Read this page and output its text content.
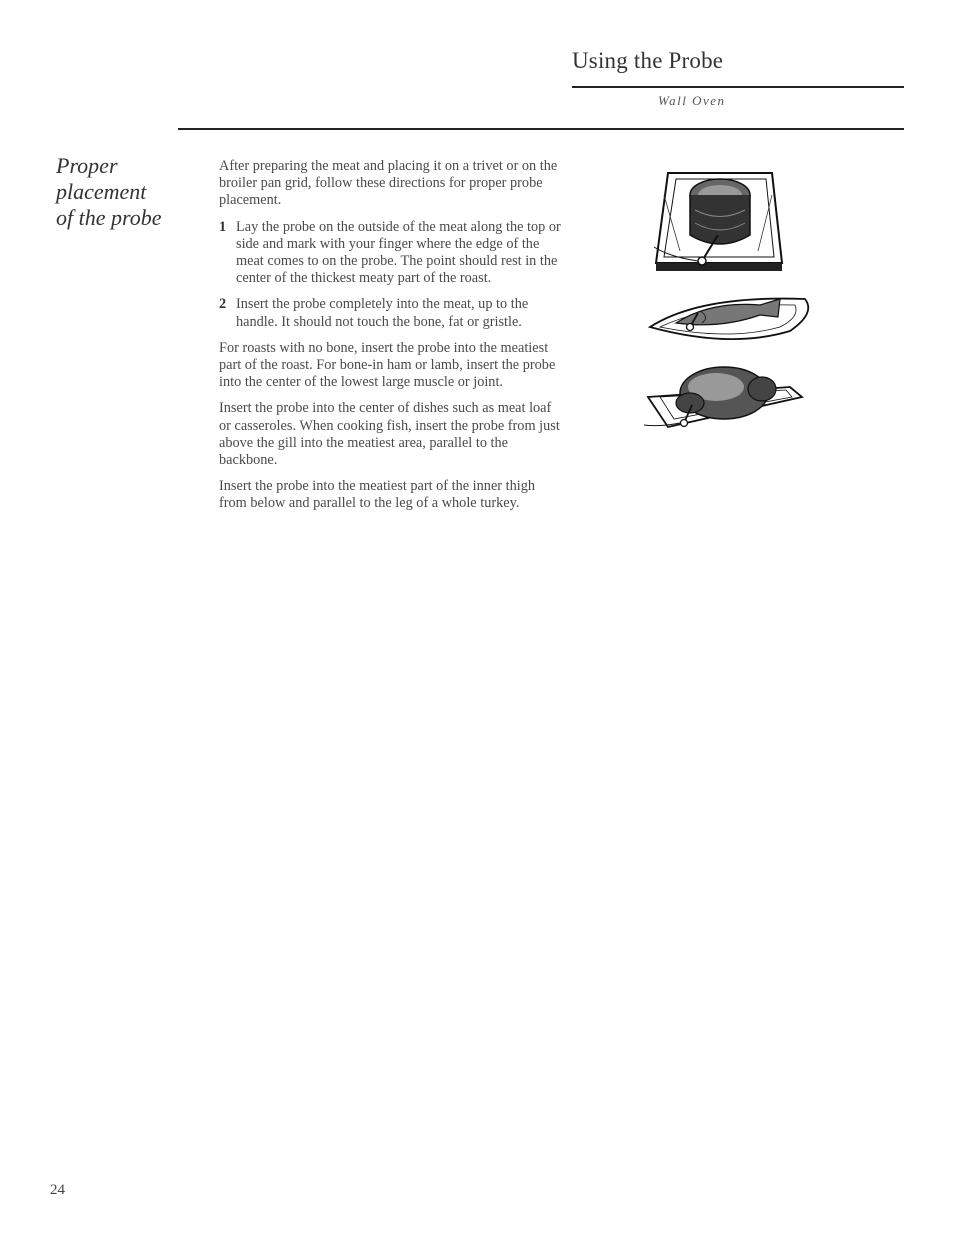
Using the Probe
Wall Oven
Proper
placement
of the probe

After preparing the meat and placing it on a trivet or on the broiler pan grid, follow these directions for proper probe placement.

1 Lay the probe on the outside of the meat along the top or side and mark with your finger where the edge of the meat comes to on the probe. The point should rest in the center of the thickest meaty part of the roast.
2 Insert the probe completely into the meat, up to the handle. It should not touch the bone, fat or gristle.

For roasts with no bone, insert the probe into the meatiest part of the roast. For bone-in ham or lamb, insert the probe into the center of the lowest large muscle or joint.

Insert the probe into the center of dishes such as meat loaf or casseroles. When cooking fish, insert the probe from just above the gill into the meatiest area, parallel to the backbone.

Insert the probe into the meatiest part of the inner thigh from below and parallel to the leg of a whole turkey.

24
